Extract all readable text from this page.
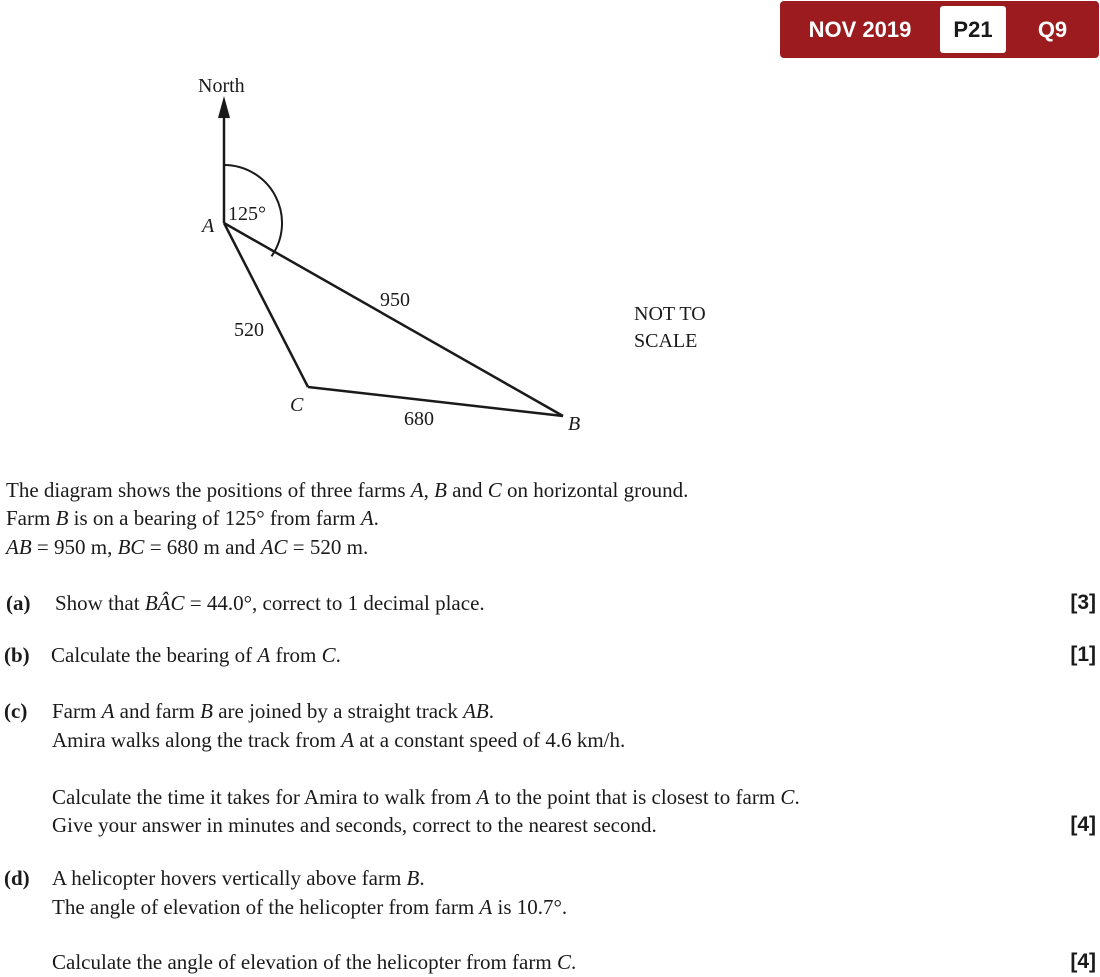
NOV 2019	P21	Q9
North
125°
A
C
B
950
520
680
NOT TO
SCALE
The diagram shows the positions of three farms A, B and C on horizontal ground.
Farm B is on a bearing of 125° from farm A.
AB = 950 m, BC = 680 m and AC = 520 m.
(a) Show that BÂC = 44.0°, correct to 1 decimal place.	[3]
(b) Calculate the bearing of A from C.	[1]
(c) Farm A and farm B are joined by a straight track AB.
Amira walks along the track from A at a constant speed of 4.6 km/h.
Calculate the time it takes for Amira to walk from A to the point that is closest to farm C.
Give your answer in minutes and seconds, correct to the nearest second.	[4]
(d) A helicopter hovers vertically above farm B.
The angle of elevation of the helicopter from farm A is 10.7°.
Calculate the angle of elevation of the helicopter from farm C.	[4]
